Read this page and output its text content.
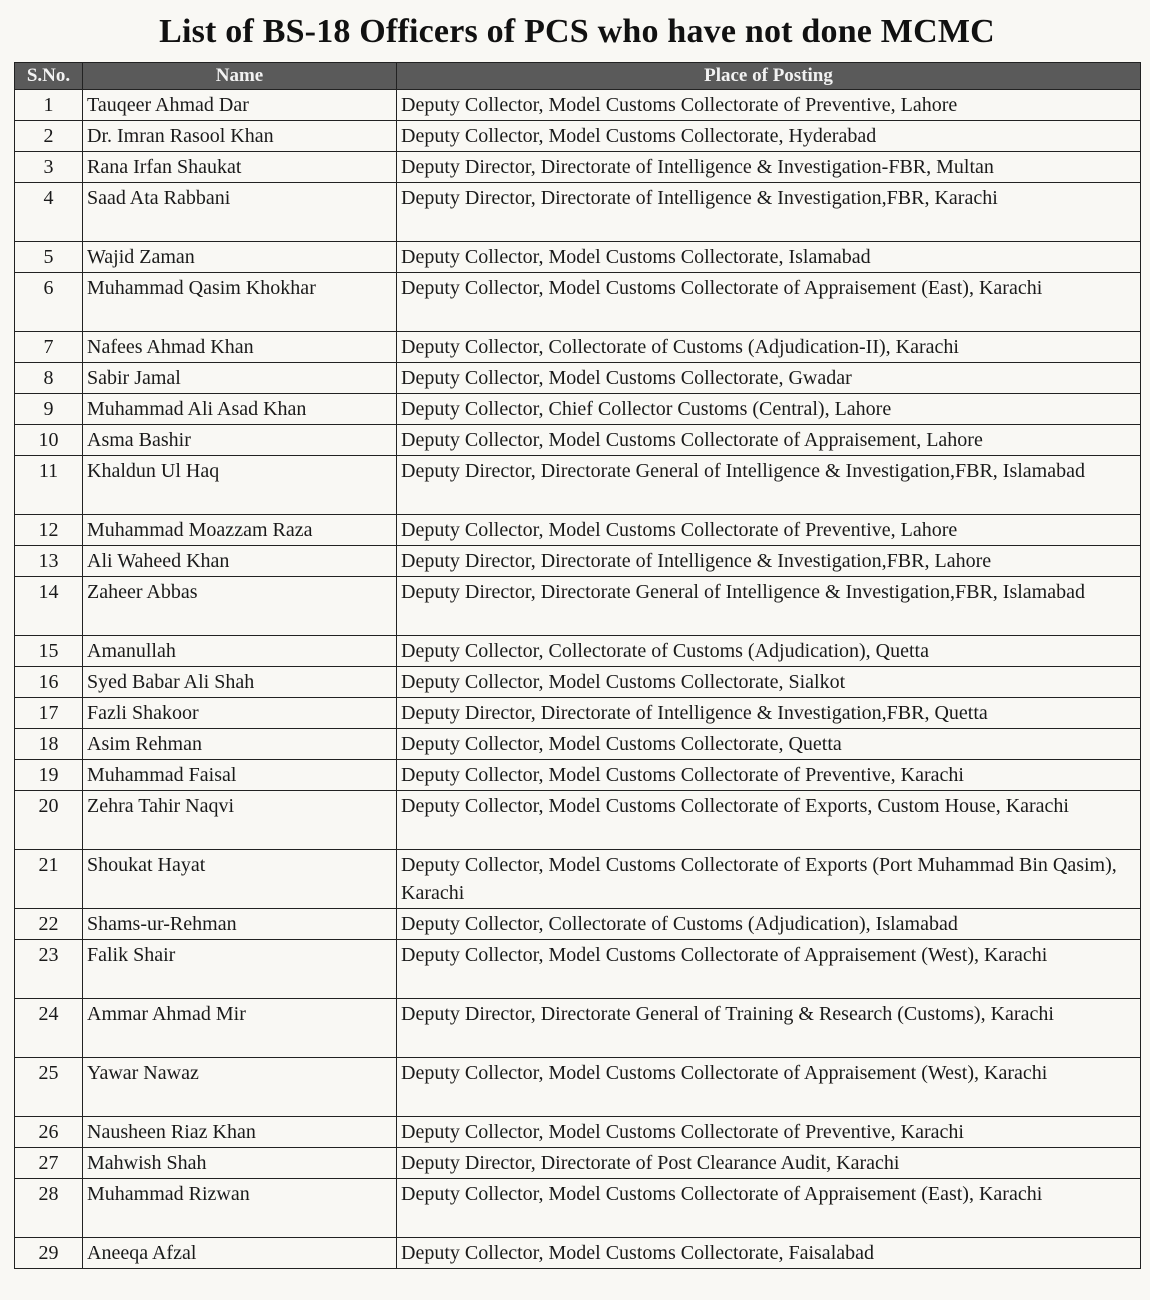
List of BS-18 Officers of PCS who have not done MCMC
S.No.	Name	Place of Posting
1	Tauqeer Ahmad Dar	Deputy Collector, Model Customs Collectorate of Preventive, Lahore
2	Dr. Imran Rasool Khan	Deputy Collector, Model Customs Collectorate, Hyderabad
3	Rana Irfan Shaukat	Deputy Director, Directorate of Intelligence & Investigation-FBR, Multan
4	Saad Ata Rabbani	Deputy Director, Directorate of Intelligence & Investigation,FBR, Karachi
5	Wajid Zaman	Deputy Collector, Model Customs Collectorate, Islamabad
6	Muhammad Qasim Khokhar	Deputy Collector, Model Customs Collectorate of Appraisement (East), Karachi
7	Nafees Ahmad Khan	Deputy Collector, Collectorate of Customs (Adjudication-II), Karachi
8	Sabir Jamal	Deputy Collector, Model Customs Collectorate, Gwadar
9	Muhammad Ali Asad Khan	Deputy Collector, Chief Collector Customs (Central), Lahore
10	Asma Bashir	Deputy Collector, Model Customs Collectorate of Appraisement, Lahore
11	Khaldun Ul Haq	Deputy Director, Directorate General of Intelligence & Investigation,FBR, Islamabad
12	Muhammad Moazzam Raza	Deputy Collector, Model Customs Collectorate of Preventive, Lahore
13	Ali Waheed Khan	Deputy Director, Directorate of Intelligence & Investigation,FBR, Lahore
14	Zaheer Abbas	Deputy Director, Directorate General of Intelligence & Investigation,FBR, Islamabad
15	Amanullah	Deputy Collector, Collectorate of Customs (Adjudication), Quetta
16	Syed Babar Ali Shah	Deputy Collector, Model Customs Collectorate, Sialkot
17	Fazli Shakoor	Deputy Director, Directorate of Intelligence & Investigation,FBR, Quetta
18	Asim Rehman	Deputy Collector, Model Customs Collectorate, Quetta
19	Muhammad Faisal	Deputy Collector, Model Customs Collectorate of Preventive, Karachi
20	Zehra Tahir Naqvi	Deputy Collector, Model Customs Collectorate of Exports, Custom House, Karachi
21	Shoukat Hayat	Deputy Collector, Model Customs Collectorate of Exports (Port Muhammad Bin Qasim), Karachi
22	Shams-ur-Rehman	Deputy Collector, Collectorate of Customs (Adjudication), Islamabad
23	Falik Shair	Deputy Collector, Model Customs Collectorate of Appraisement (West), Karachi
24	Ammar Ahmad Mir	Deputy Director, Directorate General of Training & Research (Customs), Karachi
25	Yawar Nawaz	Deputy Collector, Model Customs Collectorate of Appraisement (West), Karachi
26	Nausheen Riaz Khan	Deputy Collector, Model Customs Collectorate of Preventive, Karachi
27	Mahwish Shah	Deputy Director, Directorate of Post Clearance Audit, Karachi
28	Muhammad Rizwan	Deputy Collector, Model Customs Collectorate of Appraisement (East), Karachi
29	Aneeqa Afzal	Deputy Collector, Model Customs Collectorate, Faisalabad
